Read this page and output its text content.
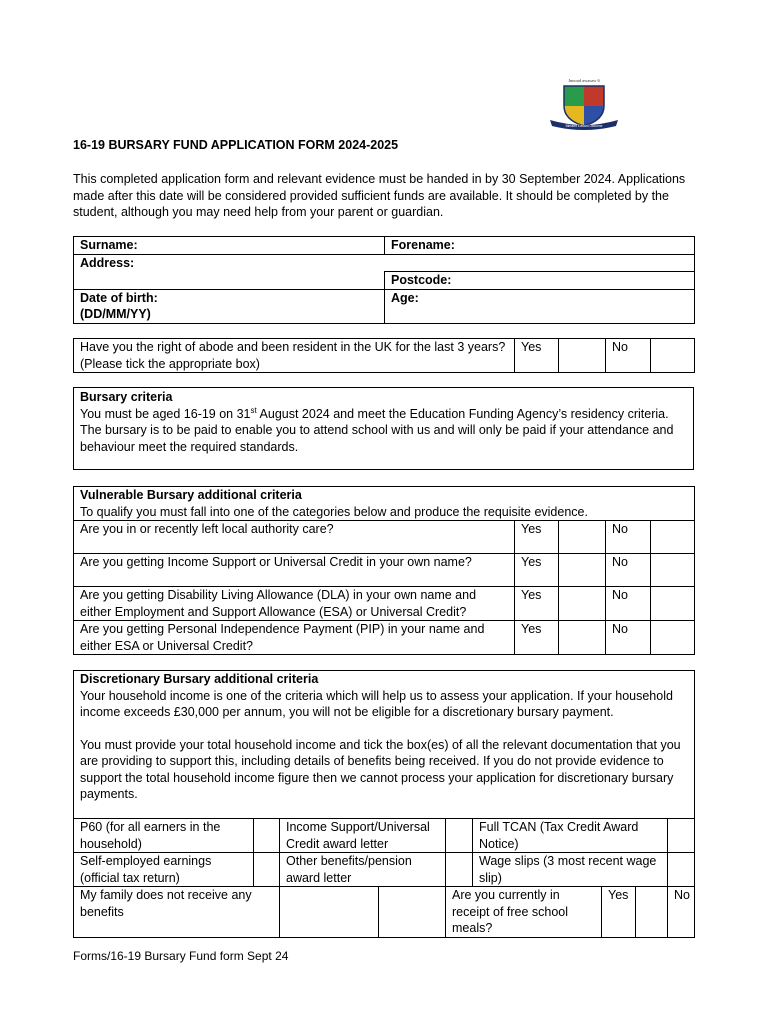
Jnnoad awasaw 6
Blessed Edward Oldcorne
16-19 BURSARY FUND APPLICATION FORM 2024-2025
This completed application form and relevant evidence must be handed in by 30 September 2024. Applications made after this date will be considered provided sufficient funds are available. It should be completed by the student, although you may need help from your parent or guardian.
Surname:	Forename:
Address:	
	Postcode:
Date of birth:
(DD/MM/YY)	Age:
Have you the right of abode and been resident in the UK for the last 3 years? (Please tick the appropriate box)	Yes		No	
Bursary criteria
You must be aged 16-19 on 31st August 2024 and meet the Education Funding Agency’s residency criteria. The bursary is to be paid to enable you to attend school with us and will only be paid if your attendance and behaviour meet the required standards.
Vulnerable Bursary additional criteria
To qualify you must fall into one of the categories below and produce the requisite evidence.				

Are you in or recently left local authority care?	Yes		No	
Are you getting Income Support or Universal Credit in your own name?	Yes		No	
Are you getting Disability Living Allowance (DLA) in your own name and either Employment and Support Allowance (ESA) or Universal Credit?	Yes		No	
Are you getting Personal Independence Payment (PIP) in your name and either ESA or Universal Credit?	Yes		No	
Discretionary Bursary additional criteria
Your household income is one of the criteria which will help us to assess your application. If your household income exceeds £30,000 per annum, you will not be eligible for a discretionary bursary payment.
You must provide your total household income and tick the box(es) of all the relevant documentation that you are providing to support this, including details of benefits being received. If you do not provide evidence to support the total household income figure then we cannot process your application for discretionary bursary payments.								

P60 (for all earners in the household)		Income Support/Universal Credit award letter			Full TCAN (Tax Credit Award Notice)			
Self-employed earnings (official tax return)		Other benefits/pension award letter			Wage slips (3 most recent wage slip)			
My family does not receive any benefits				Are you currently in receipt of free school meals?		Yes		No
Forms/16-19 Bursary Fund form Sept 24
